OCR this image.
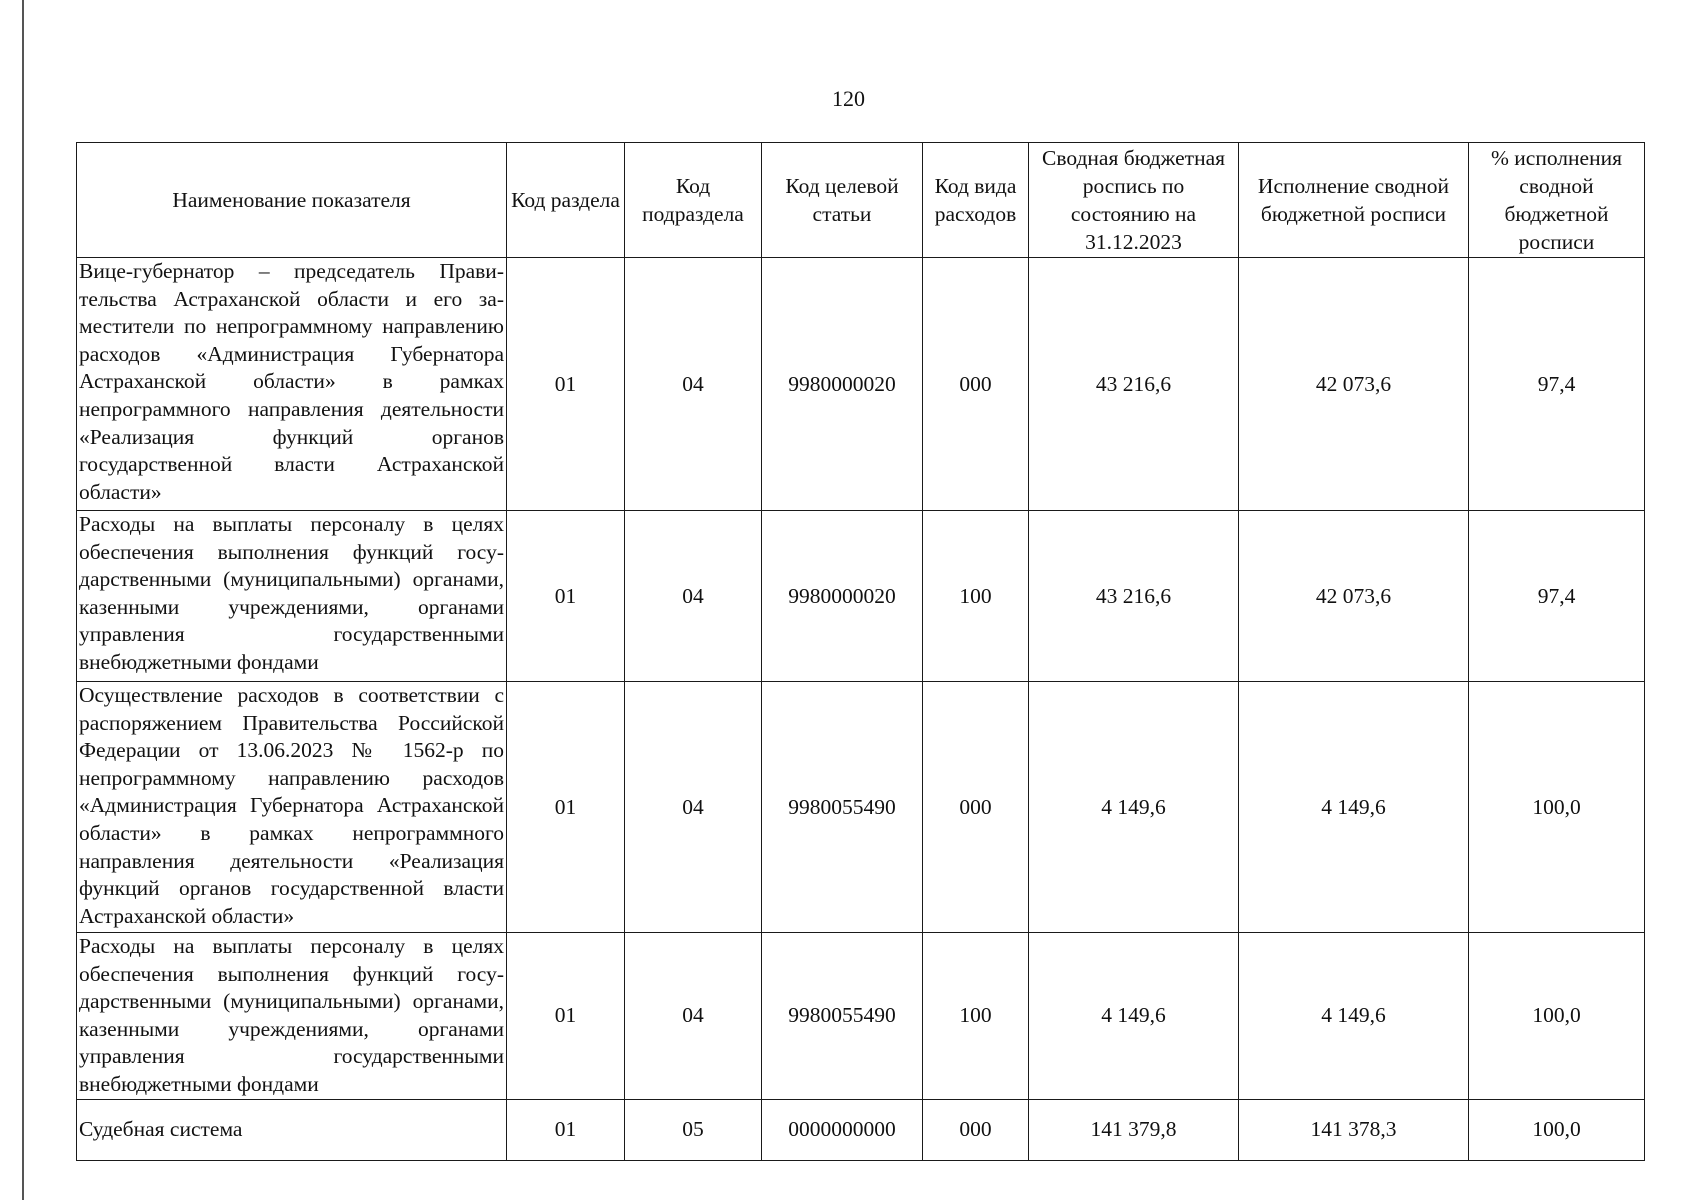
120
Наименование показателя	Код раздела	Код подраздела	Код целевой статьи	Код вида расходов	Сводная бюджетная роспись по состоянию на 31.12.2023	Исполнение сводной бюджетной росписи	% исполнения сводной бюджетной росписи
Вице-губернатор – председатель Правительства Астраханской области и его заместители по непрограммному направлению расходов «Администрация Губернатора Астраханской области» в рамках непрограммного направления деятельности «Реализация функций органов государственной власти Астраханской области»	01	04	9980000020	000	43 216,6	42 073,6	97,4
Расходы на выплаты персоналу в целях обеспечения выполнения функций государственными (муниципальными) органами, казенными учреждениями, органами управления государственными внебюджетными фондами	01	04	9980000020	100	43 216,6	42 073,6	97,4
Осуществление расходов в соответствии с распоряжением Правительства Российской Федерации от 13.06.2023 № 1562-р по непрограммному направлению расходов «Администрация Губернатора Астраханской области» в рамках непрограммного направления деятельности «Реализация функций органов государственной власти Астраханской области»	01	04	9980055490	000	4 149,6	4 149,6	100,0
Расходы на выплаты персоналу в целях обеспечения выполнения функций государственными (муниципальными) органами, казенными учреждениями, органами управления государственными внебюджетными фондами	01	04	9980055490	100	4 149,6	4 149,6	100,0
Судебная система	01	05	0000000000	000	141 379,8	141 378,3	100,0
